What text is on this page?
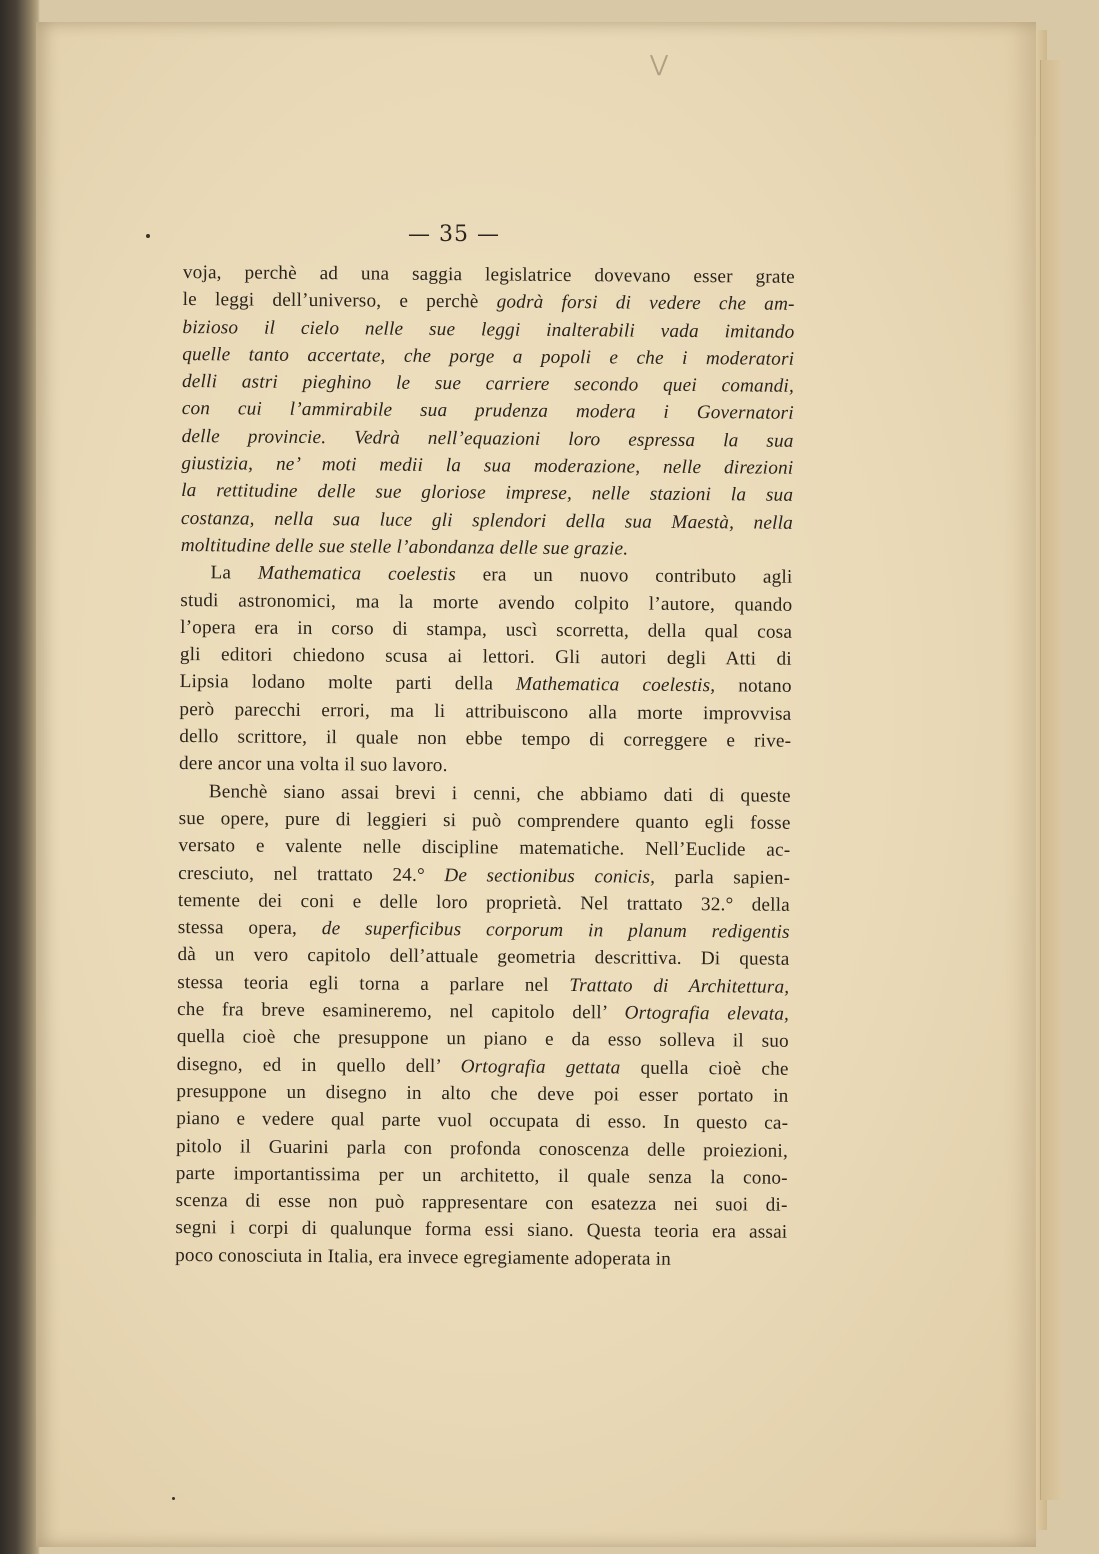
⋁
— 35 —
voja, perchè ad una saggia legislatrice dovevano esser grate
le leggi dell’universo, e perchè godrà forsi di vedere che am-
bizioso il cielo nelle sue leggi inalterabili vada imitando
quelle tanto accertate, che porge a popoli e che i moderatori
delli astri pieghino le sue carriere secondo quei comandi,
con cui l’ammirabile sua prudenza modera i Governatori
delle provincie. Vedrà nell’equazioni loro espressa la sua
giustizia, ne’ moti medii la sua moderazione, nelle direzioni
la rettitudine delle sue gloriose imprese, nelle stazioni la sua
costanza, nella sua luce gli splendori della sua Maestà, nella
moltitudine delle sue stelle l’abondanza delle sue grazie.
La Mathematica coelestis era un nuovo contributo agli
studi astronomici, ma la morte avendo colpito l’autore, quando
l’opera era in corso di stampa, uscì scorretta, della qual cosa
gli editori chiedono scusa ai lettori. Gli autori degli Atti di
Lipsia lodano molte parti della Mathematica coelestis, notano
però parecchi errori, ma li attribuiscono alla morte improvvisa
dello scrittore, il quale non ebbe tempo di correggere e rive-
dere ancor una volta il suo lavoro.
Benchè siano assai brevi i cenni, che abbiamo dati di queste
sue opere, pure di leggieri si può comprendere quanto egli fosse
versato e valente nelle discipline matematiche. Nell’Euclide ac-
cresciuto, nel trattato 24.° De sectionibus conicis, parla sapien-
temente dei coni e delle loro proprietà. Nel trattato 32.° della
stessa opera, de superficibus corporum in planum redigentis
dà un vero capitolo dell’attuale geometria descrittiva. Di questa
stessa teoria egli torna a parlare nel Trattato di Architettura,
che fra breve esamineremo, nel capitolo dell’ Ortografia elevata,
quella cioè che presuppone un piano e da esso solleva il suo
disegno, ed in quello dell’ Ortografia gettata quella cioè che
presuppone un disegno in alto che deve poi esser portato in
piano e vedere qual parte vuol occupata di esso. In questo ca-
pitolo il Guarini parla con profonda conoscenza delle proiezioni,
parte importantissima per un architetto, il quale senza la cono-
scenza di esse non può rappresentare con esatezza nei suoi di-
segni i corpi di qualunque forma essi siano. Questa teoria era assai
poco conosciuta in Italia, era invece egregiamente adoperata in
